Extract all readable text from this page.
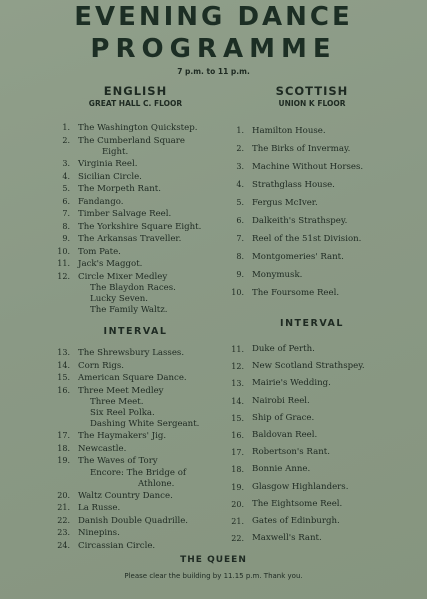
EVENING DANCE
PROGRAMME
7 p.m. to 11 p.m.
ENGLISH
GREAT HALL C. FLOOR
1. The Washington Quickstep.
2. The Cumberland Square
Eight.
3. Virginia Reel.
4. Sicilian Circle.
5. The Morpeth Rant.
6. Fandango.
7. Timber Salvage Reel.
8. The Yorkshire Square Eight.
9. The Arkansas Traveller.
10. Tom Pate.
11. Jack's Maggot.
12. Circle Mixer Medley
The Blaydon Races.
Lucky Seven.
The Family Waltz.
INTERVAL
13. The Shrewsbury Lasses.
14. Corn Rigs.
15. American Square Dance.
16. Three Meet Medley
Three Meet.
Six Reel Polka.
Dashing White Sergeant.
17. The Haymakers' Jig.
18. Newcastle.
19. The Waves of Tory
Encore: The Bridge of
Athlone.
20. Waltz Country Dance.
21. La Russe.
22. Danish Double Quadrille.
23. Ninepins.
24. Circassian Circle.
SCOTTISH
UNION K FLOOR
1. Hamilton House.
2. The Birks of Invermay.
3. Machine Without Horses.
4. Strathglass House.
5. Fergus McIver.
6. Dalkeith's Strathspey.
7. Reel of the 51st Division.
8. Montgomeries' Rant.
9. Monymusk.
10. The Foursome Reel.
INTERVAL
11. Duke of Perth.
12. New Scotland Strathspey.
13. Mairie's Wedding.
14. Nairobi Reel.
15. Ship of Grace.
16. Baldovan Reel.
17. Robertson's Rant.
18. Bonnie Anne.
19. Glasgow Highlanders.
20. The Eightsome Reel.
21. Gates of Edinburgh.
22. Maxwell's Rant.
THE QUEEN
Please clear the building by 11.15 p.m. Thank you.
